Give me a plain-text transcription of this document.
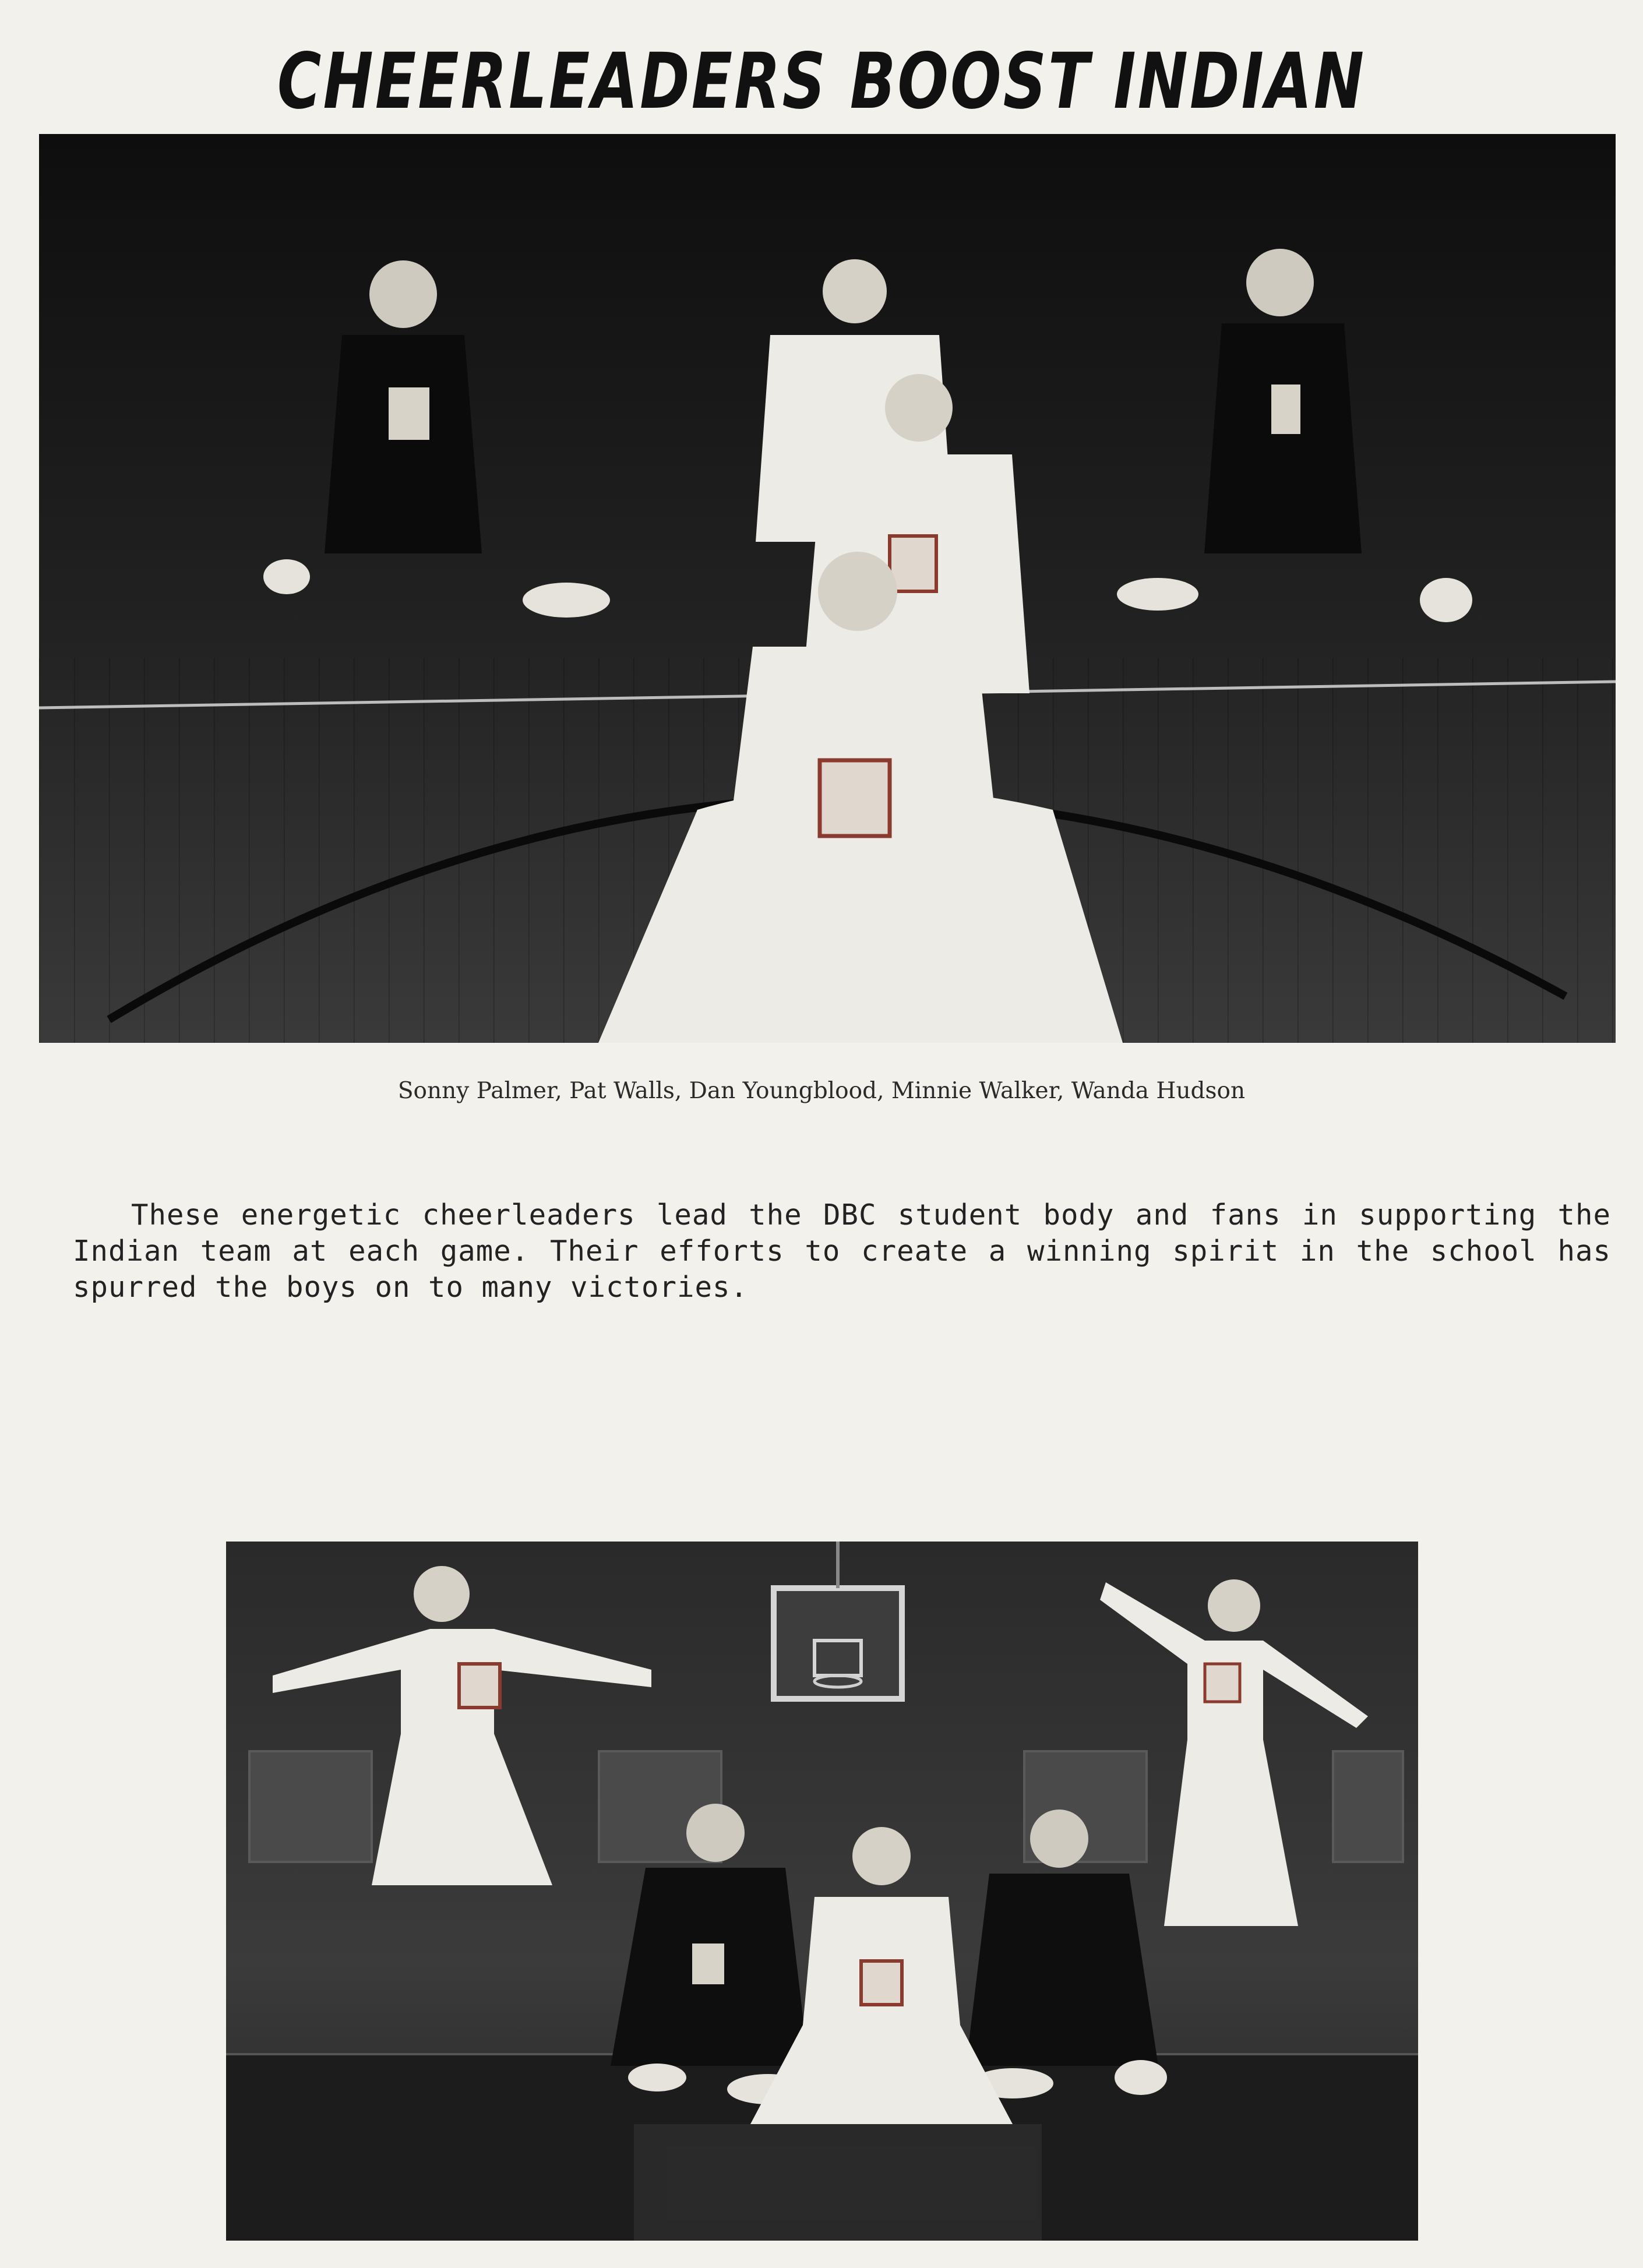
CHEERLEADERS BOOST INDIAN
Sonny Palmer, Pat Walls, Dan Youngblood, Minnie Walker, Wanda Hudson
These energetic cheerleaders lead the DBC student body and fans in supporting the Indian team at each game. Their efforts to create a winning spirit in the school has spurred the boys on to many victories.
